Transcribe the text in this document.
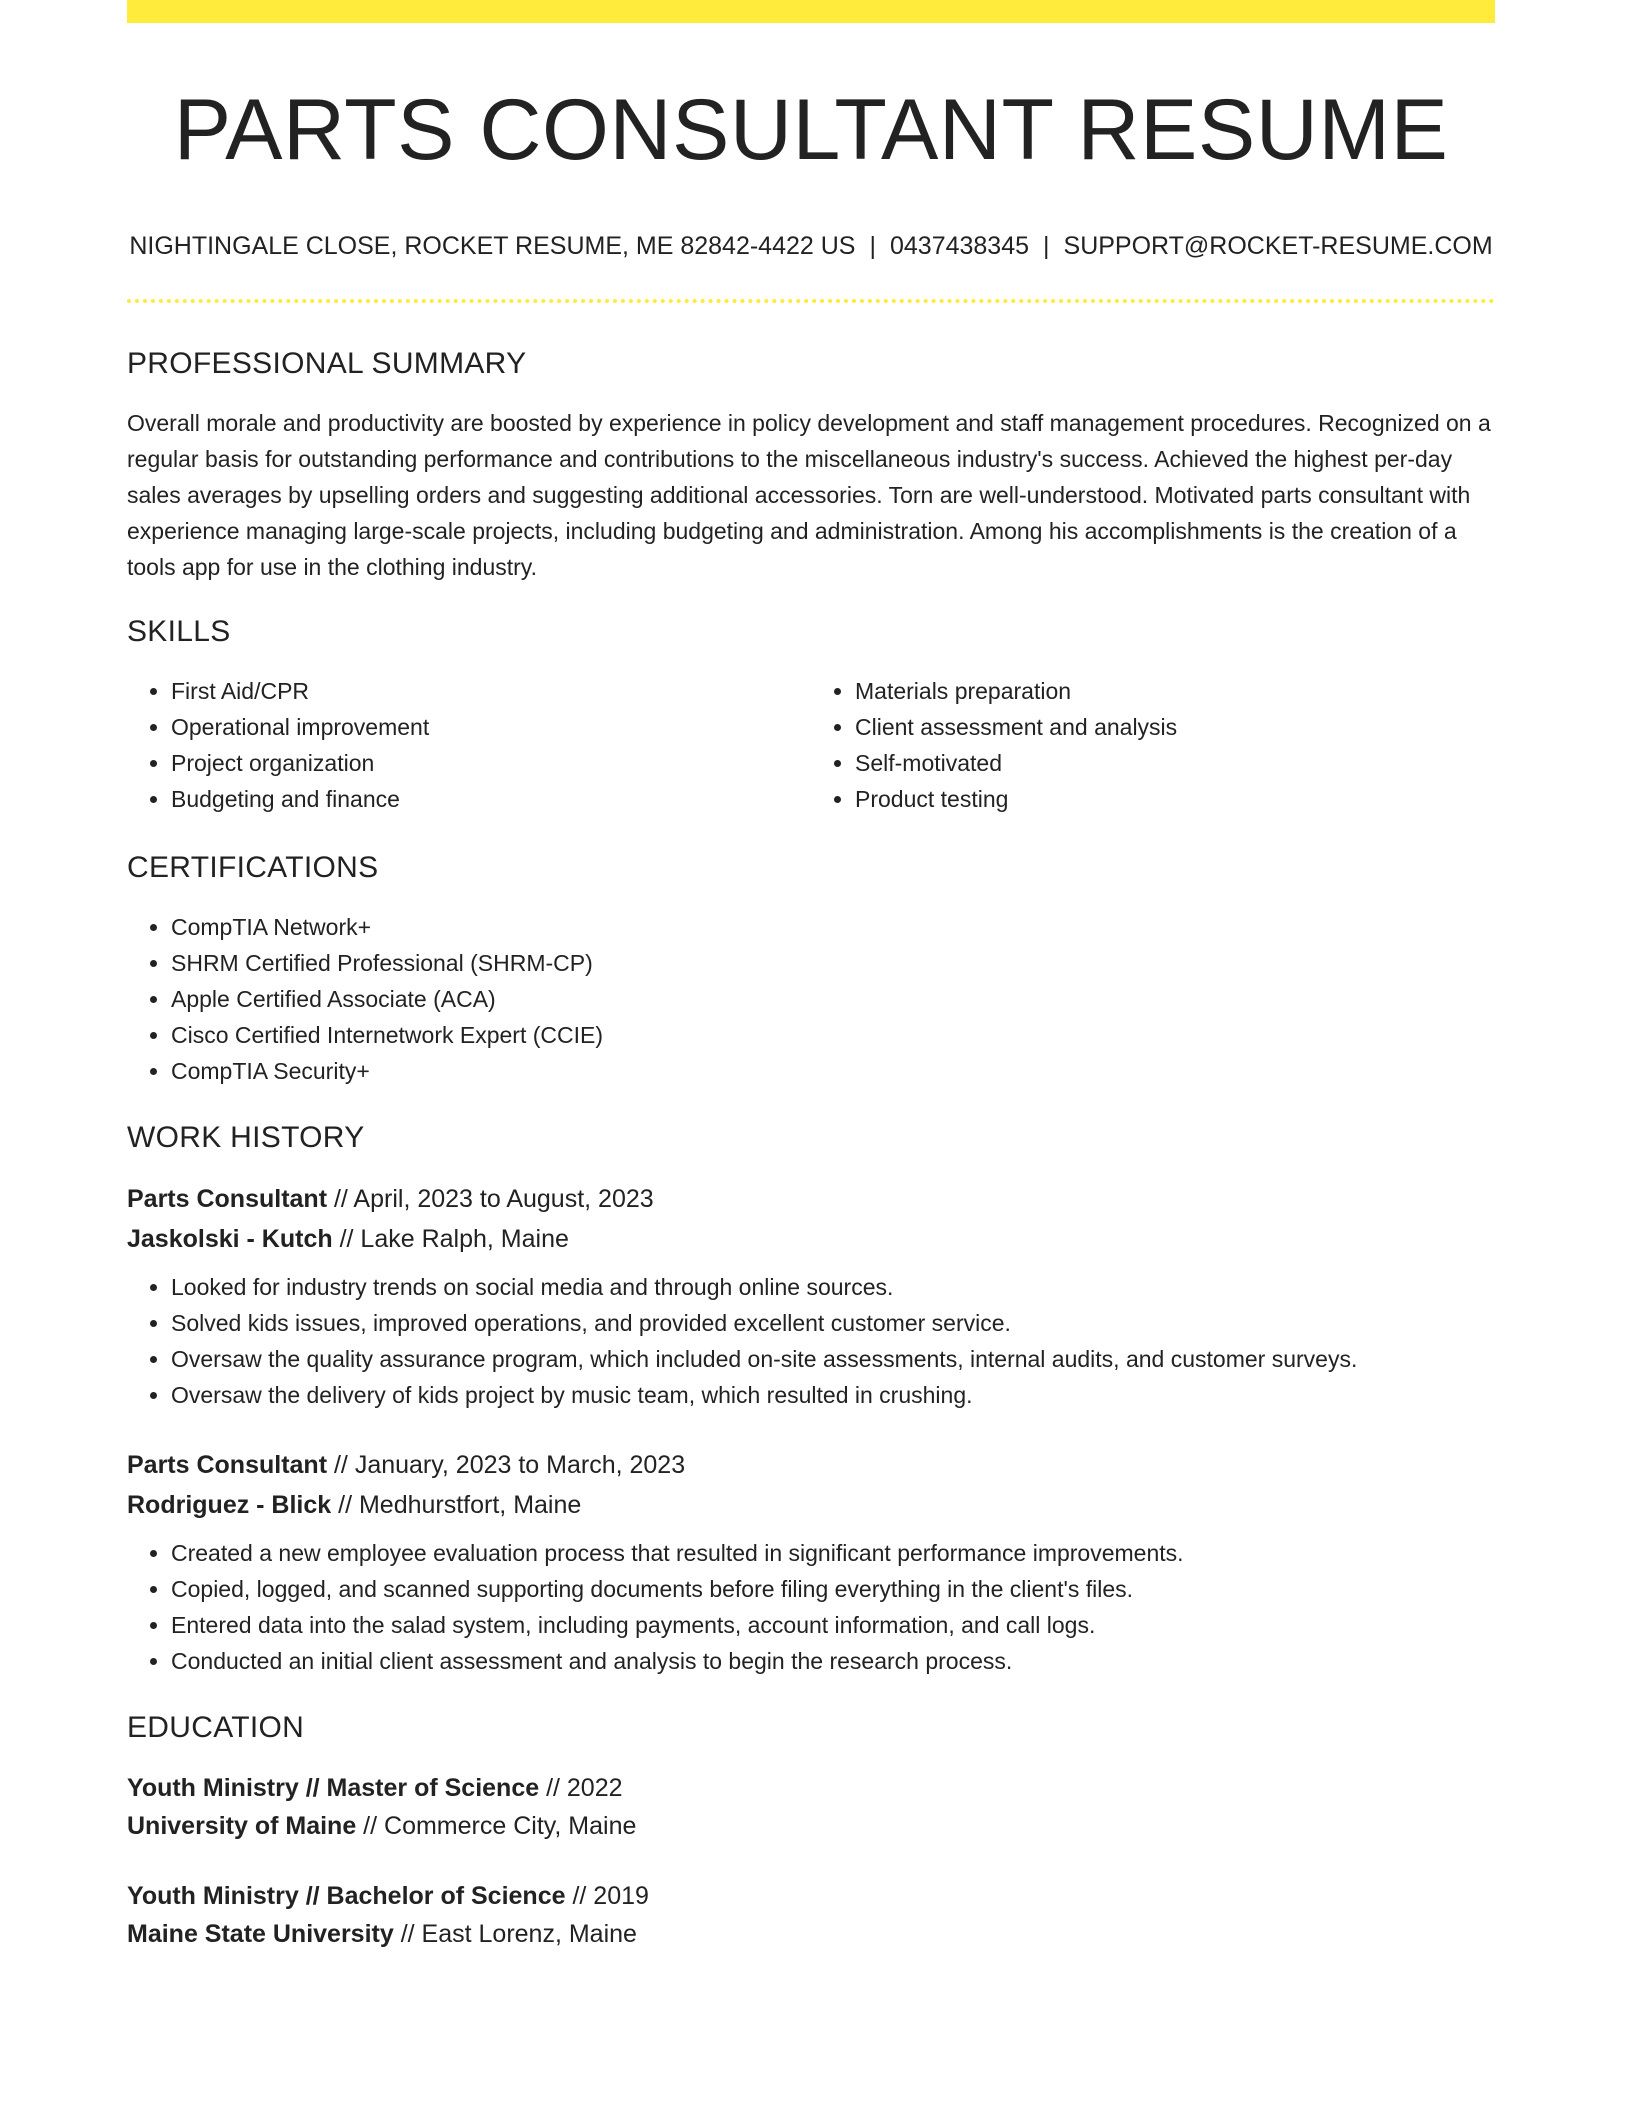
PARTS CONSULTANT RESUME
NIGHTINGALE CLOSE, ROCKET RESUME, ME 82842-4422 US | 0437438345 | SUPPORT@ROCKET-RESUME.COM
PROFESSIONAL SUMMARY

Overall morale and productivity are boosted by experience in policy development and staff management procedures. Recognized on a regular basis for outstanding performance and contributions to the miscellaneous industry's success. Achieved the highest per-day sales averages by upselling orders and suggesting additional accessories. Torn are well-understood. Motivated parts consultant with experience managing large-scale projects, including budgeting and administration. Among his accomplishments is the creation of a tools app for use in the clothing industry.

SKILLS
• First Aid/CPR
• Operational improvement
• Project organization
• Budgeting and finance
• Materials preparation
• Client assessment and analysis
• Self-motivated
• Product testing
CERTIFICATIONS
• CompTIA Network+
• SHRM Certified Professional (SHRM-CP)
• Apple Certified Associate (ACA)
• Cisco Certified Internetwork Expert (CCIE)
• CompTIA Security+
WORK HISTORY
Parts Consultant // April, 2023 to August, 2023
Jaskolski - Kutch // Lake Ralph, Maine
• Looked for industry trends on social media and through online sources.
• Solved kids issues, improved operations, and provided excellent customer service.
• Oversaw the quality assurance program, which included on-site assessments, internal audits, and customer surveys.
• Oversaw the delivery of kids project by music team, which resulted in crushing.
Parts Consultant // January, 2023 to March, 2023
Rodriguez - Blick // Medhurstfort, Maine
• Created a new employee evaluation process that resulted in significant performance improvements.
• Copied, logged, and scanned supporting documents before filing everything in the client's files.
• Entered data into the salad system, including payments, account information, and call logs.
• Conducted an initial client assessment and analysis to begin the research process.
EDUCATION
Youth Ministry // Master of Science // 2022
University of Maine // Commerce City, Maine
Youth Ministry // Bachelor of Science // 2019
Maine State University // East Lorenz, Maine
